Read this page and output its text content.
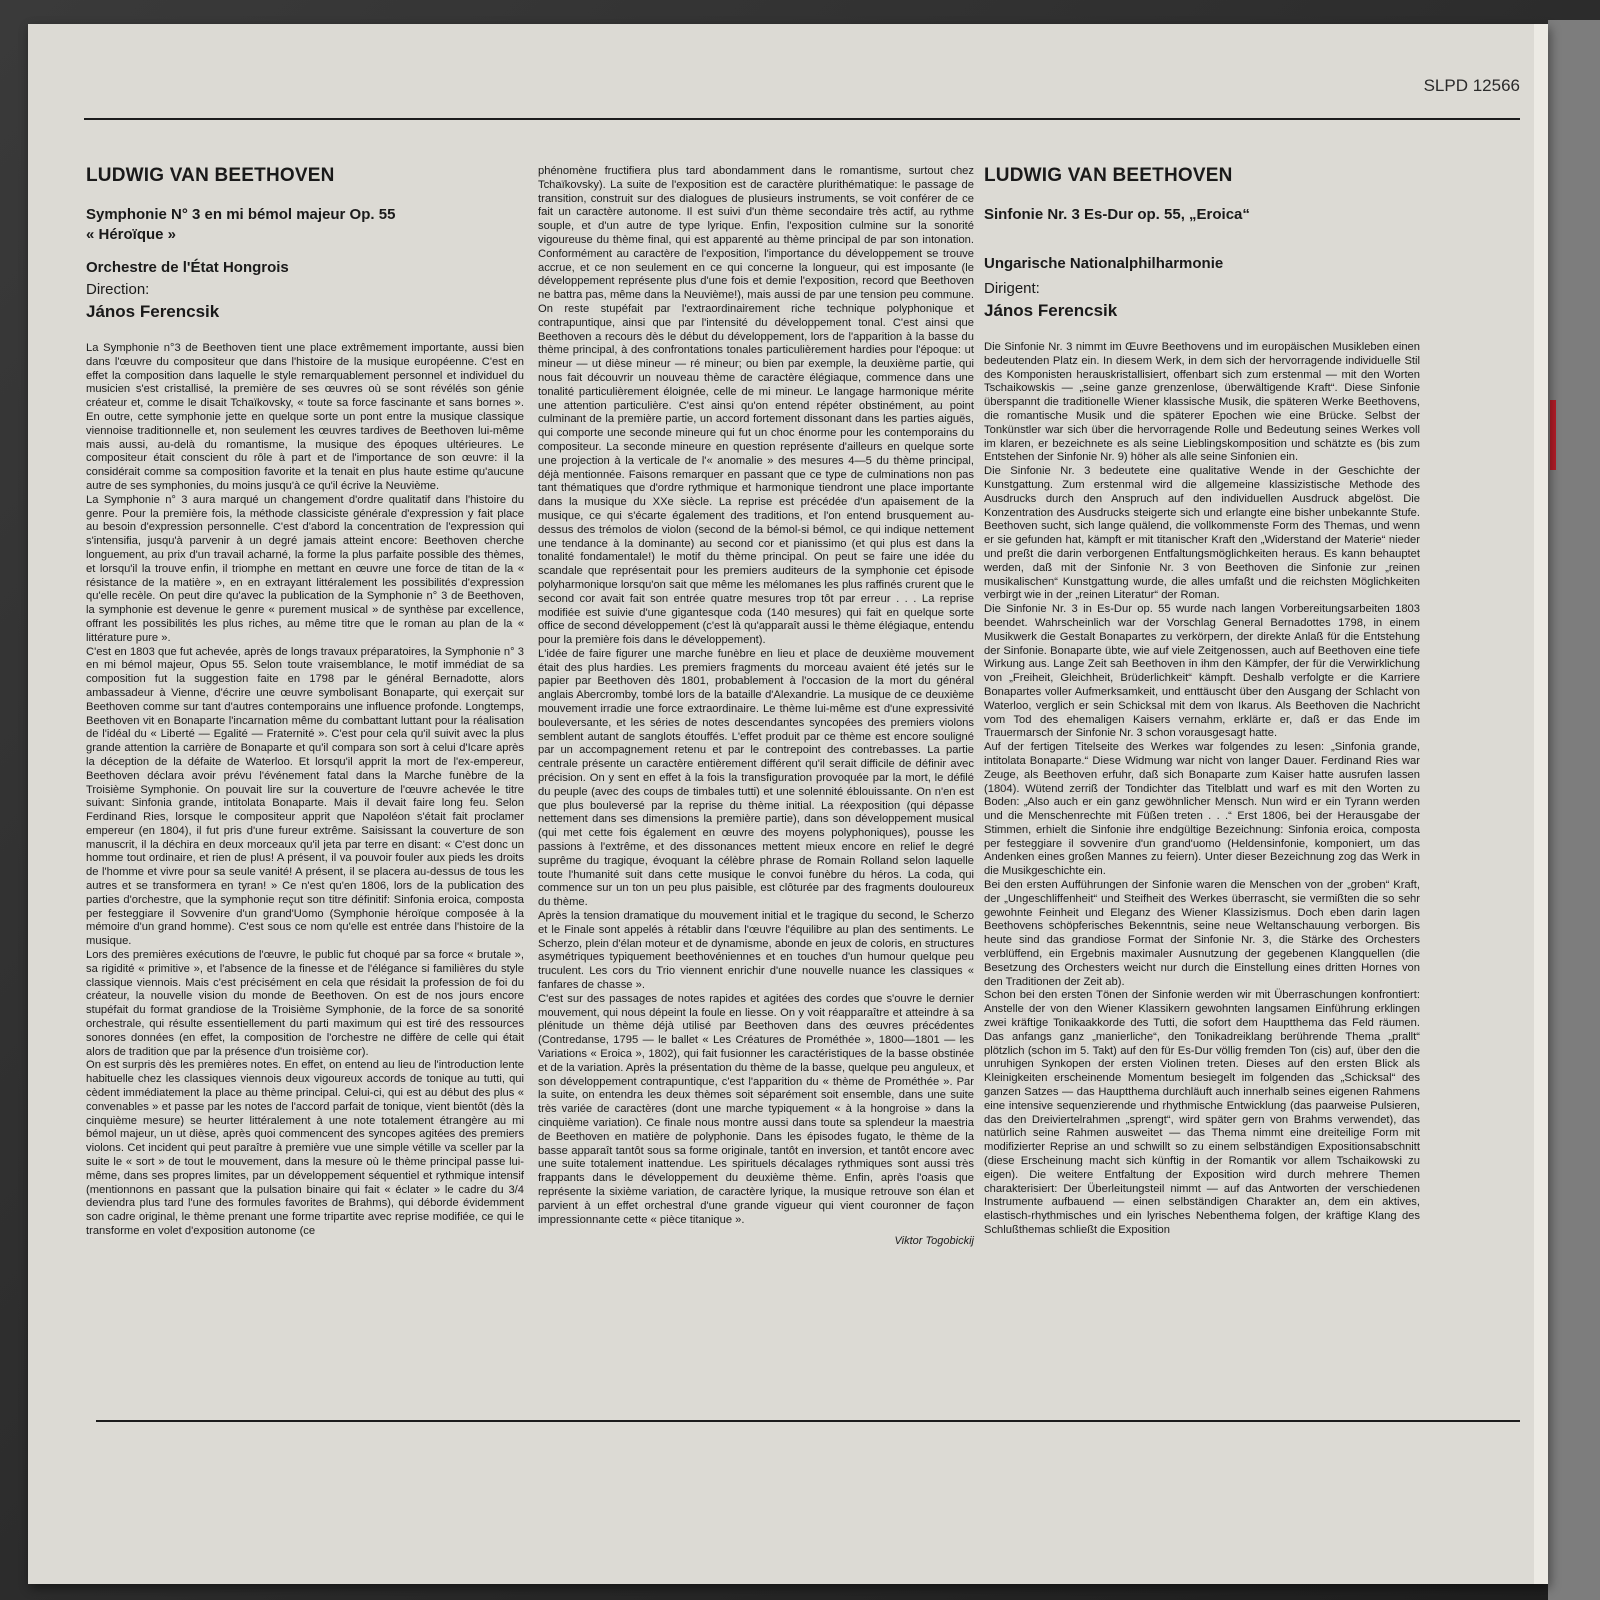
SLPD 12566
LUDWIG VAN BEETHOVEN
Symphonie N° 3 en mi bémol majeur Op. 55
« Héroïque »
Orchestre de l'État Hongrois
Direction:
János Ferencsik

La Symphonie n°3 de Beethoven tient une place extrêmement importante, aussi bien dans l'œuvre du compositeur que dans l'histoire de la musique européenne. C'est en effet la composition dans laquelle le style remarquablement personnel et individuel du musicien s'est cristallisé, la première de ses œuvres où se sont révélés son génie créateur et, comme le disait Tchaïkovsky, « toute sa force fascinante et sans bornes ». En outre, cette symphonie jette en quelque sorte un pont entre la musique classique viennoise traditionnelle et, non seulement les œuvres tardives de Beethoven lui-même mais aussi, au-delà du romantisme, la musique des époques ultérieures. Le compositeur était conscient du rôle à part et de l'importance de son œuvre: il la considérait comme sa composition favorite et la tenait en plus haute estime qu'aucune autre de ses symphonies, du moins jusqu'à ce qu'il écrive la Neuvième.

La Symphonie n° 3 aura marqué un changement d'ordre qualitatif dans l'histoire du genre. Pour la première fois, la méthode classiciste générale d'expression y fait place au besoin d'expression personnelle. C'est d'abord la concentration de l'expression qui s'intensifia, jusqu'à parvenir à un degré jamais atteint encore: Beethoven cherche longuement, au prix d'un travail acharné, la forme la plus parfaite possible des thèmes, et lorsqu'il la trouve enfin, il triomphe en mettant en œuvre une force de titan de la « résistance de la matière », en en extrayant littéralement les possibilités d'expression qu'elle recèle. On peut dire qu'avec la publication de la Symphonie n° 3 de Beethoven, la symphonie est devenue le genre « purement musical » de synthèse par excellence, offrant les possibilités les plus riches, au même titre que le roman au plan de la « littérature pure ».

C'est en 1803 que fut achevée, après de longs travaux préparatoires, la Symphonie n° 3 en mi bémol majeur, Opus 55. Selon toute vraisemblance, le motif immédiat de sa composition fut la suggestion faite en 1798 par le général Bernadotte, alors ambassadeur à Vienne, d'écrire une œuvre symbolisant Bonaparte, qui exerçait sur Beethoven comme sur tant d'autres contemporains une influence profonde. Longtemps, Beethoven vit en Bonaparte l'incarnation même du combattant luttant pour la réalisation de l'idéal du « Liberté — Egalité — Fraternité ». C'est pour cela qu'il suivit avec la plus grande attention la carrière de Bonaparte et qu'il compara son sort à celui d'Icare après la déception de la défaite de Waterloo. Et lorsqu'il apprit la mort de l'ex-empereur, Beethoven déclara avoir prévu l'événement fatal dans la Marche funèbre de la Troisième Symphonie. On pouvait lire sur la couverture de l'œuvre achevée le titre suivant: Sinfonia grande, intitolata Bonaparte. Mais il devait faire long feu. Selon Ferdinand Ries, lorsque le compositeur apprit que Napoléon s'était fait proclamer empereur (en 1804), il fut pris d'une fureur extrême. Saisissant la couverture de son manuscrit, il la déchira en deux morceaux qu'il jeta par terre en disant: « C'est donc un homme tout ordinaire, et rien de plus! A présent, il va pouvoir fouler aux pieds les droits de l'homme et vivre pour sa seule vanité! A présent, il se placera au-dessus de tous les autres et se transformera en tyran! » Ce n'est qu'en 1806, lors de la publication des parties d'orchestre, que la symphonie reçut son titre définitif: Sinfonia eroica, composta per festeggiare il Sovvenire d'un grand'Uomo (Symphonie héroïque composée à la mémoire d'un grand homme). C'est sous ce nom qu'elle est entrée dans l'histoire de la musique.

Lors des premières exécutions de l'œuvre, le public fut choqué par sa force « brutale », sa rigidité « primitive », et l'absence de la finesse et de l'élégance si familières du style classique viennois. Mais c'est précisément en cela que résidait la profession de foi du créateur, la nouvelle vision du monde de Beethoven. On est de nos jours encore stupéfait du format grandiose de la Troisième Symphonie, de la force de sa sonorité orchestrale, qui résulte essentiellement du parti maximum qui est tiré des ressources sonores données (en effet, la composition de l'orchestre ne diffère de celle qui était alors de tradition que par la présence d'un troisième cor).

On est surpris dès les premières notes. En effet, on entend au lieu de l'introduction lente habituelle chez les classiques viennois deux vigoureux accords de tonique au tutti, qui cèdent immédiatement la place au thème principal. Celui-ci, qui est au début des plus « convenables » et passe par les notes de l'accord parfait de tonique, vient bientôt (dès la cinquième mesure) se heurter littéralement à une note totalement étrangère au mi bémol majeur, un ut dièse, après quoi commencent des syncopes agitées des premiers violons. Cet incident qui peut paraître à première vue une simple vétille va sceller par la suite le « sort » de tout le mouvement, dans la mesure où le thème principal passe lui-même, dans ses propres limites, par un développement séquentiel et rythmique intensif (mentionnons en passant que la pulsation binaire qui fait « éclater » le cadre du 3/4 deviendra plus tard l'une des formules favorites de Brahms), qui déborde évidemment son cadre original, le thème prenant une forme tripartite avec reprise modifiée, ce qui le transforme en volet d'exposition autonome (ce

phénomène fructifiera plus tard abondamment dans le romantisme, surtout chez Tchaïkovsky). La suite de l'exposition est de caractère plurithématique: le passage de transition, construit sur des dialogues de plusieurs instruments, se voit conférer de ce fait un caractère autonome. Il est suivi d'un thème secondaire très actif, au rythme souple, et d'un autre de type lyrique. Enfin, l'exposition culmine sur la sonorité vigoureuse du thème final, qui est apparenté au thème principal de par son intonation. Conformément au caractère de l'exposition, l'importance du développement se trouve accrue, et ce non seulement en ce qui concerne la longueur, qui est imposante (le développement représente plus d'une fois et demie l'exposition, record que Beethoven ne battra pas, même dans la Neuvième!), mais aussi de par une tension peu commune. On reste stupéfait par l'extraordinairement riche technique polyphonique et contrapuntique, ainsi que par l'intensité du développement tonal. C'est ainsi que Beethoven a recours dès le début du développement, lors de l'apparition à la basse du thème principal, à des confrontations tonales particulièrement hardies pour l'époque: ut mineur — ut dièse mineur — ré mineur; ou bien par exemple, la deuxième partie, qui nous fait découvrir un nouveau thème de caractère élégiaque, commence dans une tonalité particulièrement éloignée, celle de mi mineur. Le langage harmonique mérite une attention particulière. C'est ainsi qu'on entend répéter obstinément, au point culminant de la première partie, un accord fortement dissonant dans les parties aiguës, qui comporte une seconde mineure qui fut un choc énorme pour les contemporains du compositeur. La seconde mineure en question représente d'ailleurs en quelque sorte une projection à la verticale de l'« anomalie » des mesures 4—5 du thème principal, déjà mentionnée. Faisons remarquer en passant que ce type de culminations non pas tant thématiques que d'ordre rythmique et harmonique tiendront une place importante dans la musique du XXe siècle. La reprise est précédée d'un apaisement de la musique, ce qui s'écarte également des traditions, et l'on entend brusquement au-dessus des trémolos de violon (second de la bémol-si bémol, ce qui indique nettement une tendance à la dominante) au second cor et pianissimo (et qui plus est dans la tonalité fondamentale!) le motif du thème principal. On peut se faire une idée du scandale que représentait pour les premiers auditeurs de la symphonie cet épisode polyharmonique lorsqu'on sait que même les mélomanes les plus raffinés crurent que le second cor avait fait son entrée quatre mesures trop tôt par erreur . . . La reprise modifiée est suivie d'une gigantesque coda (140 mesures) qui fait en quelque sorte office de second développement (c'est là qu'apparaît aussi le thème élégiaque, entendu pour la première fois dans le développement).

L'idée de faire figurer une marche funèbre en lieu et place de deuxième mouvement était des plus hardies. Les premiers fragments du morceau avaient été jetés sur le papier par Beethoven dès 1801, probablement à l'occasion de la mort du général anglais Abercromby, tombé lors de la bataille d'Alexandrie. La musique de ce deuxième mouvement irradie une force extraordinaire. Le thème lui-même est d'une expressivité bouleversante, et les séries de notes descendantes syncopées des premiers violons semblent autant de sanglots étouffés. L'effet produit par ce thème est encore souligné par un accompagnement retenu et par le contrepoint des contrebasses. La partie centrale présente un caractère entièrement différent qu'il serait difficile de définir avec précision. On y sent en effet à la fois la transfiguration provoquée par la mort, le défilé du peuple (avec des coups de timbales tutti) et une solennité éblouissante. On n'en est que plus bouleversé par la reprise du thème initial. La réexposition (qui dépasse nettement dans ses dimensions la première partie), dans son développement musical (qui met cette fois également en œuvre des moyens polyphoniques), pousse les passions à l'extrême, et des dissonances mettent mieux encore en relief le degré suprême du tragique, évoquant la célèbre phrase de Romain Rolland selon laquelle toute l'humanité suit dans cette musique le convoi funèbre du héros. La coda, qui commence sur un ton un peu plus paisible, est clôturée par des fragments douloureux du thème.

Après la tension dramatique du mouvement initial et le tragique du second, le Scherzo et le Finale sont appelés à rétablir dans l'œuvre l'équilibre au plan des sentiments. Le Scherzo, plein d'élan moteur et de dynamisme, abonde en jeux de coloris, en structures asymétriques typiquement beethovéniennes et en touches d'un humour quelque peu truculent. Les cors du Trio viennent enrichir d'une nouvelle nuance les classiques « fanfares de chasse ».

C'est sur des passages de notes rapides et agitées des cordes que s'ouvre le dernier mouvement, qui nous dépeint la foule en liesse. On y voit réapparaître et atteindre à sa plénitude un thème déjà utilisé par Beethoven dans des œuvres précédentes (Contredanse, 1795 — le ballet « Les Créatures de Prométhée », 1800—1801 — les Variations « Eroica », 1802), qui fait fusionner les caractéristiques de la basse obstinée et de la variation. Après la présentation du thème de la basse, quelque peu anguleux, et son développement contrapuntique, c'est l'apparition du « thème de Prométhée ». Par la suite, on entendra les deux thèmes soit séparément soit ensemble, dans une suite très variée de caractères (dont une marche typiquement « à la hongroise » dans la cinquième variation). Ce finale nous montre aussi dans toute sa splendeur la maestria de Beethoven en matière de polyphonie. Dans les épisodes fugato, le thème de la basse apparaît tantôt sous sa forme originale, tantôt en inversion, et tantôt encore avec une suite totalement inattendue. Les spirituels décalages rythmiques sont aussi très frappants dans le développement du deuxième thème. Enfin, après l'oasis que représente la sixième variation, de caractère lyrique, la musique retrouve son élan et parvient à un effet orchestral d'une grande vigueur qui vient couronner de façon impressionnante cette « pièce titanique ».

Viktor Togobickij
LUDWIG VAN BEETHOVEN
Sinfonie Nr. 3 Es-Dur op. 55, „Eroica“
Ungarische Nationalphilharmonie
Dirigent:
János Ferencsik

Die Sinfonie Nr. 3 nimmt im Œuvre Beethovens und im europäischen Musikleben einen bedeutenden Platz ein. In diesem Werk, in dem sich der hervorragende individuelle Stil des Komponisten herauskristallisiert, offenbart sich zum erstenmal — mit den Worten Tschaikowskis — „seine ganze grenzenlose, überwältigende Kraft“. Diese Sinfonie überspannt die traditionelle Wiener klassische Musik, die späteren Werke Beethovens, die romantische Musik und die späterer Epochen wie eine Brücke. Selbst der Tonkünstler war sich über die hervorragende Rolle und Bedeutung seines Werkes voll im klaren, er bezeichnete es als seine Lieblingskomposition und schätzte es (bis zum Entstehen der Sinfonie Nr. 9) höher als alle seine Sinfonien ein.

Die Sinfonie Nr. 3 bedeutete eine qualitative Wende in der Geschichte der Kunstgattung. Zum erstenmal wird die allgemeine klassizistische Methode des Ausdrucks durch den Anspruch auf den individuellen Ausdruck abgelöst. Die Konzentration des Ausdrucks steigerte sich und erlangte eine bisher unbekannte Stufe. Beethoven sucht, sich lange quälend, die vollkommenste Form des Themas, und wenn er sie gefunden hat, kämpft er mit titanischer Kraft den „Widerstand der Materie“ nieder und preßt die darin verborgenen Entfaltungsmöglichkeiten heraus. Es kann behauptet werden, daß mit der Sinfonie Nr. 3 von Beethoven die Sinfonie zur „reinen musikalischen“ Kunstgattung wurde, die alles umfaßt und die reichsten Möglichkeiten verbirgt wie in der „reinen Literatur“ der Roman.

Die Sinfonie Nr. 3 in Es-Dur op. 55 wurde nach langen Vorbereitungsarbeiten 1803 beendet. Wahrscheinlich war der Vorschlag General Bernadottes 1798, in einem Musikwerk die Gestalt Bonapartes zu verkörpern, der direkte Anlaß für die Entstehung der Sinfonie. Bonaparte übte, wie auf viele Zeitgenossen, auch auf Beethoven eine tiefe Wirkung aus. Lange Zeit sah Beethoven in ihm den Kämpfer, der für die Verwirklichung von „Freiheit, Gleichheit, Brüderlichkeit“ kämpft. Deshalb verfolgte er die Karriere Bonapartes voller Aufmerksamkeit, und enttäuscht über den Ausgang der Schlacht von Waterloo, verglich er sein Schicksal mit dem von Ikarus. Als Beethoven die Nachricht vom Tod des ehemaligen Kaisers vernahm, erklärte er, daß er das Ende im Trauermarsch der Sinfonie Nr. 3 schon vorausgesagt hatte.

Auf der fertigen Titelseite des Werkes war folgendes zu lesen: „Sinfonia grande, intitolata Bonaparte.“ Diese Widmung war nicht von langer Dauer. Ferdinand Ries war Zeuge, als Beethoven erfuhr, daß sich Bonaparte zum Kaiser hatte ausrufen lassen (1804). Wütend zerriß der Tondichter das Titelblatt und warf es mit den Worten zu Boden: „Also auch er ein ganz gewöhnlicher Mensch. Nun wird er ein Tyrann werden und die Menschenrechte mit Füßen treten . . .“ Erst 1806, bei der Herausgabe der Stimmen, erhielt die Sinfonie ihre endgültige Bezeichnung: Sinfonia eroica, composta per festeggiare il sovvenire d'un grand'uomo (Heldensinfonie, komponiert, um das Andenken eines großen Mannes zu feiern). Unter dieser Bezeichnung zog das Werk in die Musikgeschichte ein.

Bei den ersten Aufführungen der Sinfonie waren die Menschen von der „groben“ Kraft, der „Ungeschliffenheit“ und Steifheit des Werkes überrascht, sie vermißten die so sehr gewohnte Feinheit und Eleganz des Wiener Klassizismus. Doch eben darin lagen Beethovens schöpferisches Bekenntnis, seine neue Weltanschauung verborgen. Bis heute sind das grandiose Format der Sinfonie Nr. 3, die Stärke des Orchesters verblüffend, ein Ergebnis maximaler Ausnutzung der gegebenen Klangquellen (die Besetzung des Orchesters weicht nur durch die Einstellung eines dritten Hornes von den Traditionen der Zeit ab).

Schon bei den ersten Tönen der Sinfonie werden wir mit Überraschungen konfrontiert: Anstelle der von den Wiener Klassikern gewohnten langsamen Einführung erklingen zwei kräftige Tonikaakkorde des Tutti, die sofort dem Hauptthema das Feld räumen. Das anfangs ganz „manierliche“, den Tonikadreiklang berührende Thema „prallt“ plötzlich (schon im 5. Takt) auf den für Es-Dur völlig fremden Ton (cis) auf, über den die unruhigen Synkopen der ersten Violinen treten. Dieses auf den ersten Blick als Kleinigkeiten erscheinende Momentum besiegelt im folgenden das „Schicksal“ des ganzen Satzes — das Hauptthema durchläuft auch innerhalb seines eigenen Rahmens eine intensive sequenzierende und rhythmische Entwicklung (das paarweise Pulsieren, das den Dreiviertelrahmen „sprengt“, wird später gern von Brahms verwendet), das natürlich seine Rahmen ausweitet — das Thema nimmt eine dreiteilige Form mit modifizierter Reprise an und schwillt so zu einem selbständigen Expositionsabschnitt (diese Erscheinung macht sich künftig in der Romantik vor allem Tschaikowski zu eigen). Die weitere Entfaltung der Exposition wird durch mehrere Themen charakterisiert: Der Überleitungsteil nimmt — auf das Antworten der verschiedenen Instrumente aufbauend — einen selbständigen Charakter an, dem ein aktives, elastisch-rhythmisches und ein lyrisches Nebenthema folgen, der kräftige Klang des Schlußthemas schließt die Exposition
